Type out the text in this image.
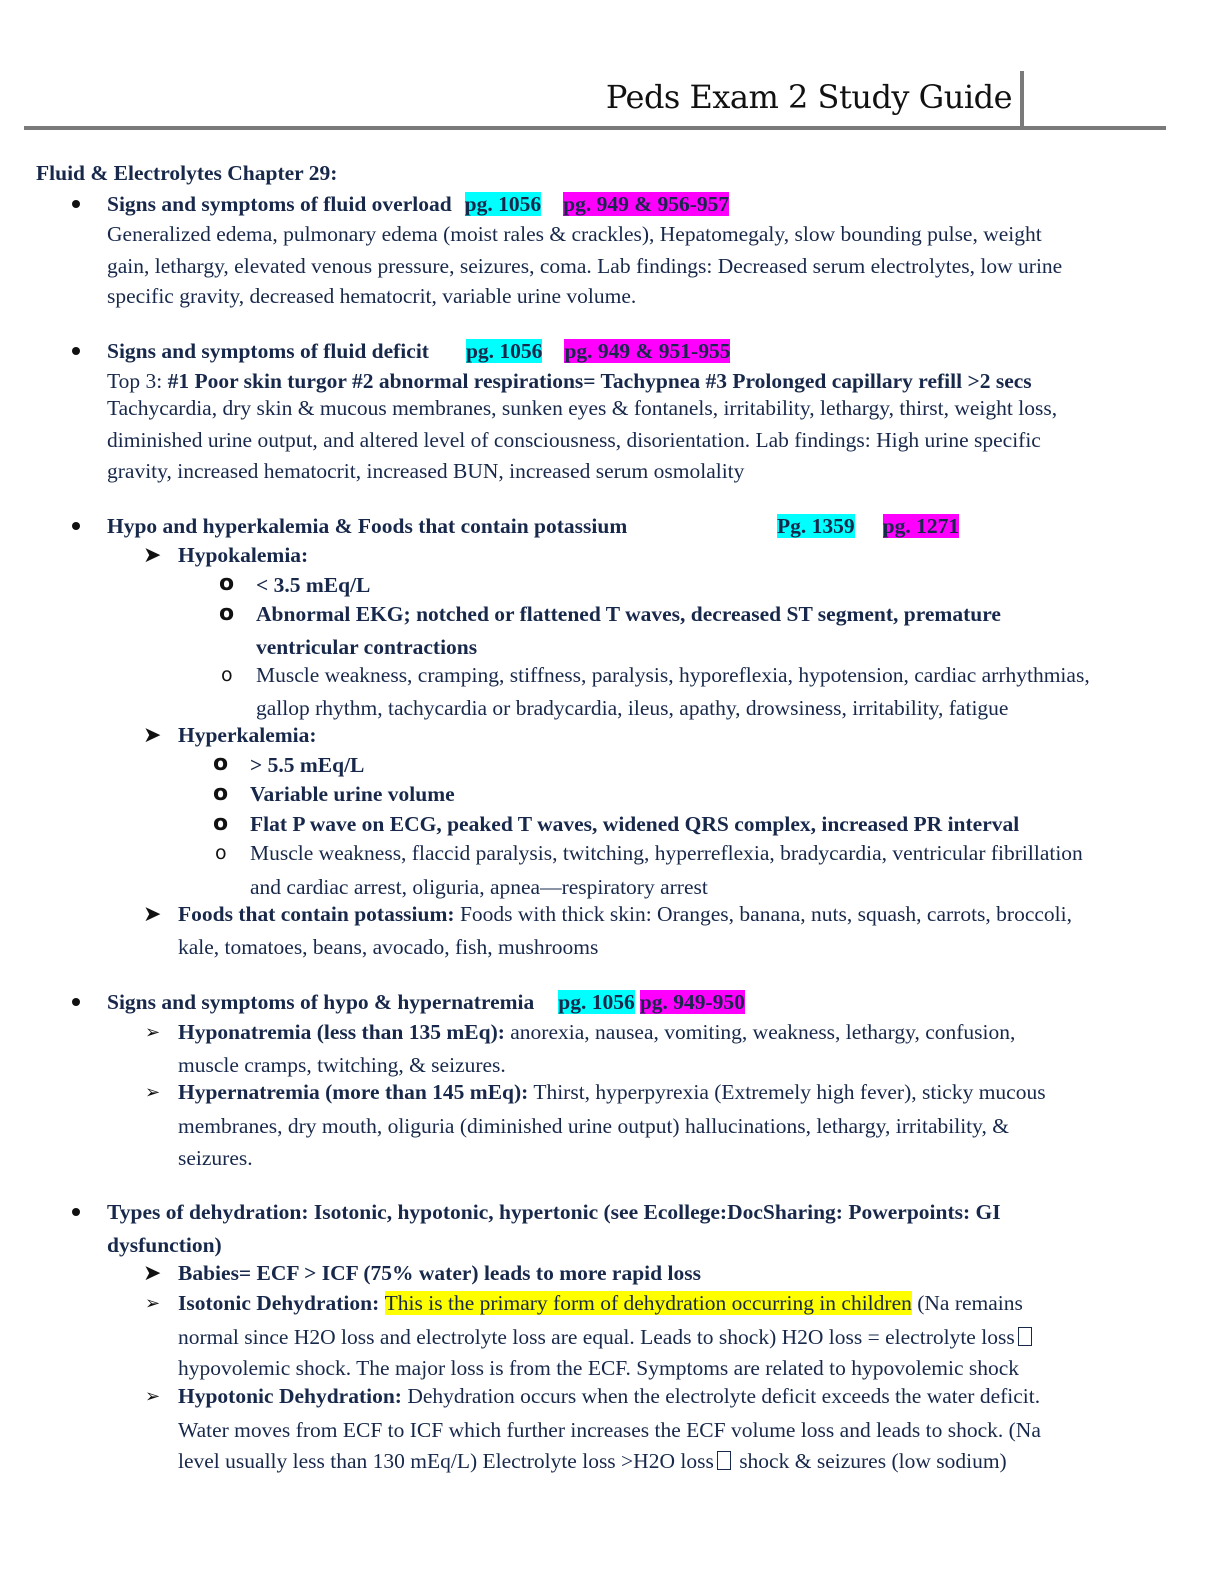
Peds Exam 2 Study Guide
Fluid & Electrolytes Chapter 29:
Signs and symptoms of fluid overload pg. 1056 pg. 949 & 956-957
Generalized edema, pulmonary edema (moist rales & crackles), Hepatomegaly, slow bounding pulse, weight
gain, lethargy, elevated venous pressure, seizures, coma. Lab findings: Decreased serum electrolytes, low urine
specific gravity, decreased hematocrit, variable urine volume.
Signs and symptoms of fluid deficit pg. 1056 pg. 949 & 951-955
Top 3: #1 Poor skin turgor #2 abnormal respirations= Tachypnea #3 Prolonged capillary refill >2 secs
Tachycardia, dry skin & mucous membranes, sunken eyes & fontanels, irritability, lethargy, thirst, weight loss,
diminished urine output, and altered level of consciousness, disorientation. Lab findings: High urine specific
gravity, increased hematocrit, increased BUN, increased serum osmolality
Hypo and hyperkalemia & Foods that contain potassium	Pg. 1359 pg. 1271
➤ Hypokalemia:
o < 3.5 mEq/L
o Abnormal EKG; notched or flattened T waves, decreased ST segment, premature
ventricular contractions
o Muscle weakness, cramping, stiffness, paralysis, hyporeflexia, hypotension, cardiac arrhythmias,
gallop rhythm, tachycardia or bradycardia, ileus, apathy, drowsiness, irritability, fatigue
➤ Hyperkalemia:
o > 5.5 mEq/L
o Variable urine volume
o Flat P wave on ECG, peaked T waves, widened QRS complex, increased PR interval
o Muscle weakness, flaccid paralysis, twitching, hyperreflexia, bradycardia, ventricular fibrillation
and cardiac arrest, oliguria, apnea—respiratory arrest
➤ Foods that contain potassium: Foods with thick skin: Oranges, banana, nuts, squash, carrots, broccoli,
kale, tomatoes, beans, avocado, fish, mushrooms
Signs and symptoms of hypo & hypernatremia pg. 1056 pg. 949-950
➢ Hyponatremia (less than 135 mEq): anorexia, nausea, vomiting, weakness, lethargy, confusion,
muscle cramps, twitching, & seizures.
➢ Hypernatremia (more than 145 mEq): Thirst, hyperpyrexia (Extremely high fever), sticky mucous
membranes, dry mouth, oliguria (diminished urine output) hallucinations, lethargy, irritability, &
seizures.
Types of dehydration: Isotonic, hypotonic, hypertonic (see Ecollege:DocSharing: Powerpoints: GI
dysfunction)
➤ Babies= ECF > ICF (75% water) leads to more rapid loss
➢ Isotonic Dehydration: This is the primary form of dehydration occurring in children (Na remains
normal since H2O loss and electrolyte loss are equal. Leads to shock) H2O loss = electrolyte loss
hypovolemic shock. The major loss is from the ECF. Symptoms are related to hypovolemic shock
➢ Hypotonic Dehydration: Dehydration occurs when the electrolyte deficit exceeds the water deficit.
Water moves from ECF to ICF which further increases the ECF volume loss and leads to shock. (Na
level usually less than 130 mEq/L) Electrolyte loss >H2O loss shock & seizures (low sodium)
